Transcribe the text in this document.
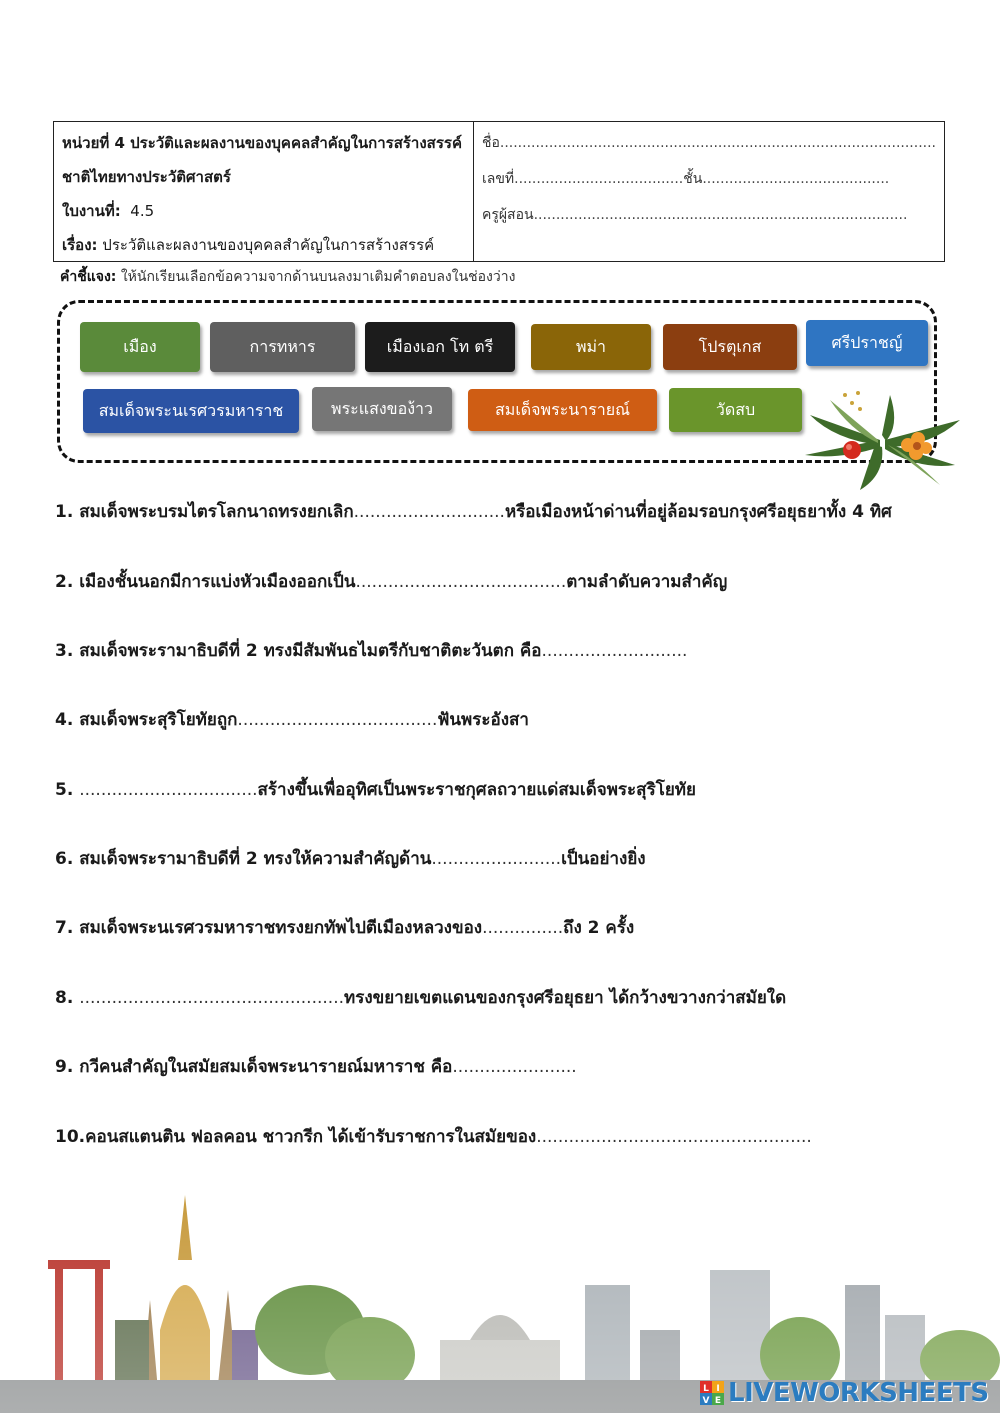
หน่วยที่ 4 ประวัติและผลงานของบุคคลสำคัญในการสร้างสรรค์
ชาติไทยทางประวัติศาสตร์
ใบงานที่: 4.5
เรื่อง: ประวัติและผลงานของบุคคลสำคัญในการสร้างสรรค์
ชื่อ..................................................................................................
เลขที่......................................ชั้น..........................................
ครูผู้สอน....................................................................................
คำชี้แจง: ให้นักเรียนเลือกข้อความจากด้านบนลงมาเติมคำตอบลงในช่องว่าง
เมือง	การทหาร	เมืองเอก โท ตรี	พม่า	โปรตุเกส	ศรีปราชญ์
สมเด็จพระนเรศวรมหาราช	พระแสงของ้าว	สมเด็จพระนารายณ์	วัดสบ
1. สมเด็จพระบรมไตรโลกนาถทรงยกเลิก............................หรือเมืองหน้าด่านที่อยู่ล้อมรอบกรุงศรีอยุธยาทั้ง 4 ทิศ
2. เมืองชั้นนอกมีการแบ่งหัวเมืองออกเป็น.......................................ตามลำดับความสำคัญ
3. สมเด็จพระรามาธิบดีที่ 2 ทรงมีสัมพันธไมตรีกับชาติตะวันตก คือ...........................
4. สมเด็จพระสุริโยทัยถูก.....................................ฟันพระอังสา
5. .................................สร้างขึ้นเพื่ออุทิศเป็นพระราชกุศลถวายแด่สมเด็จพระสุริโยทัย
6. สมเด็จพระรามาธิบดีที่ 2 ทรงให้ความสำคัญด้าน........................เป็นอย่างยิ่ง
7. สมเด็จพระนเรศวรมหาราชทรงยกทัพไปตีเมืองหลวงของ...............ถึง 2 ครั้ง
8. .................................................ทรงขยายเขตแดนของกรุงศรีอยุธยา ได้กว้างขวางกว่าสมัยใด
9. กวีคนสำคัญในสมัยสมเด็จพระนารายณ์มหาราช คือ.......................
10.คอนสแตนติน ฟอลคอน ชาวกรีก ได้เข้ารับราชการในสมัยของ...................................................
L I
V E LIVEWORKSHEETS
